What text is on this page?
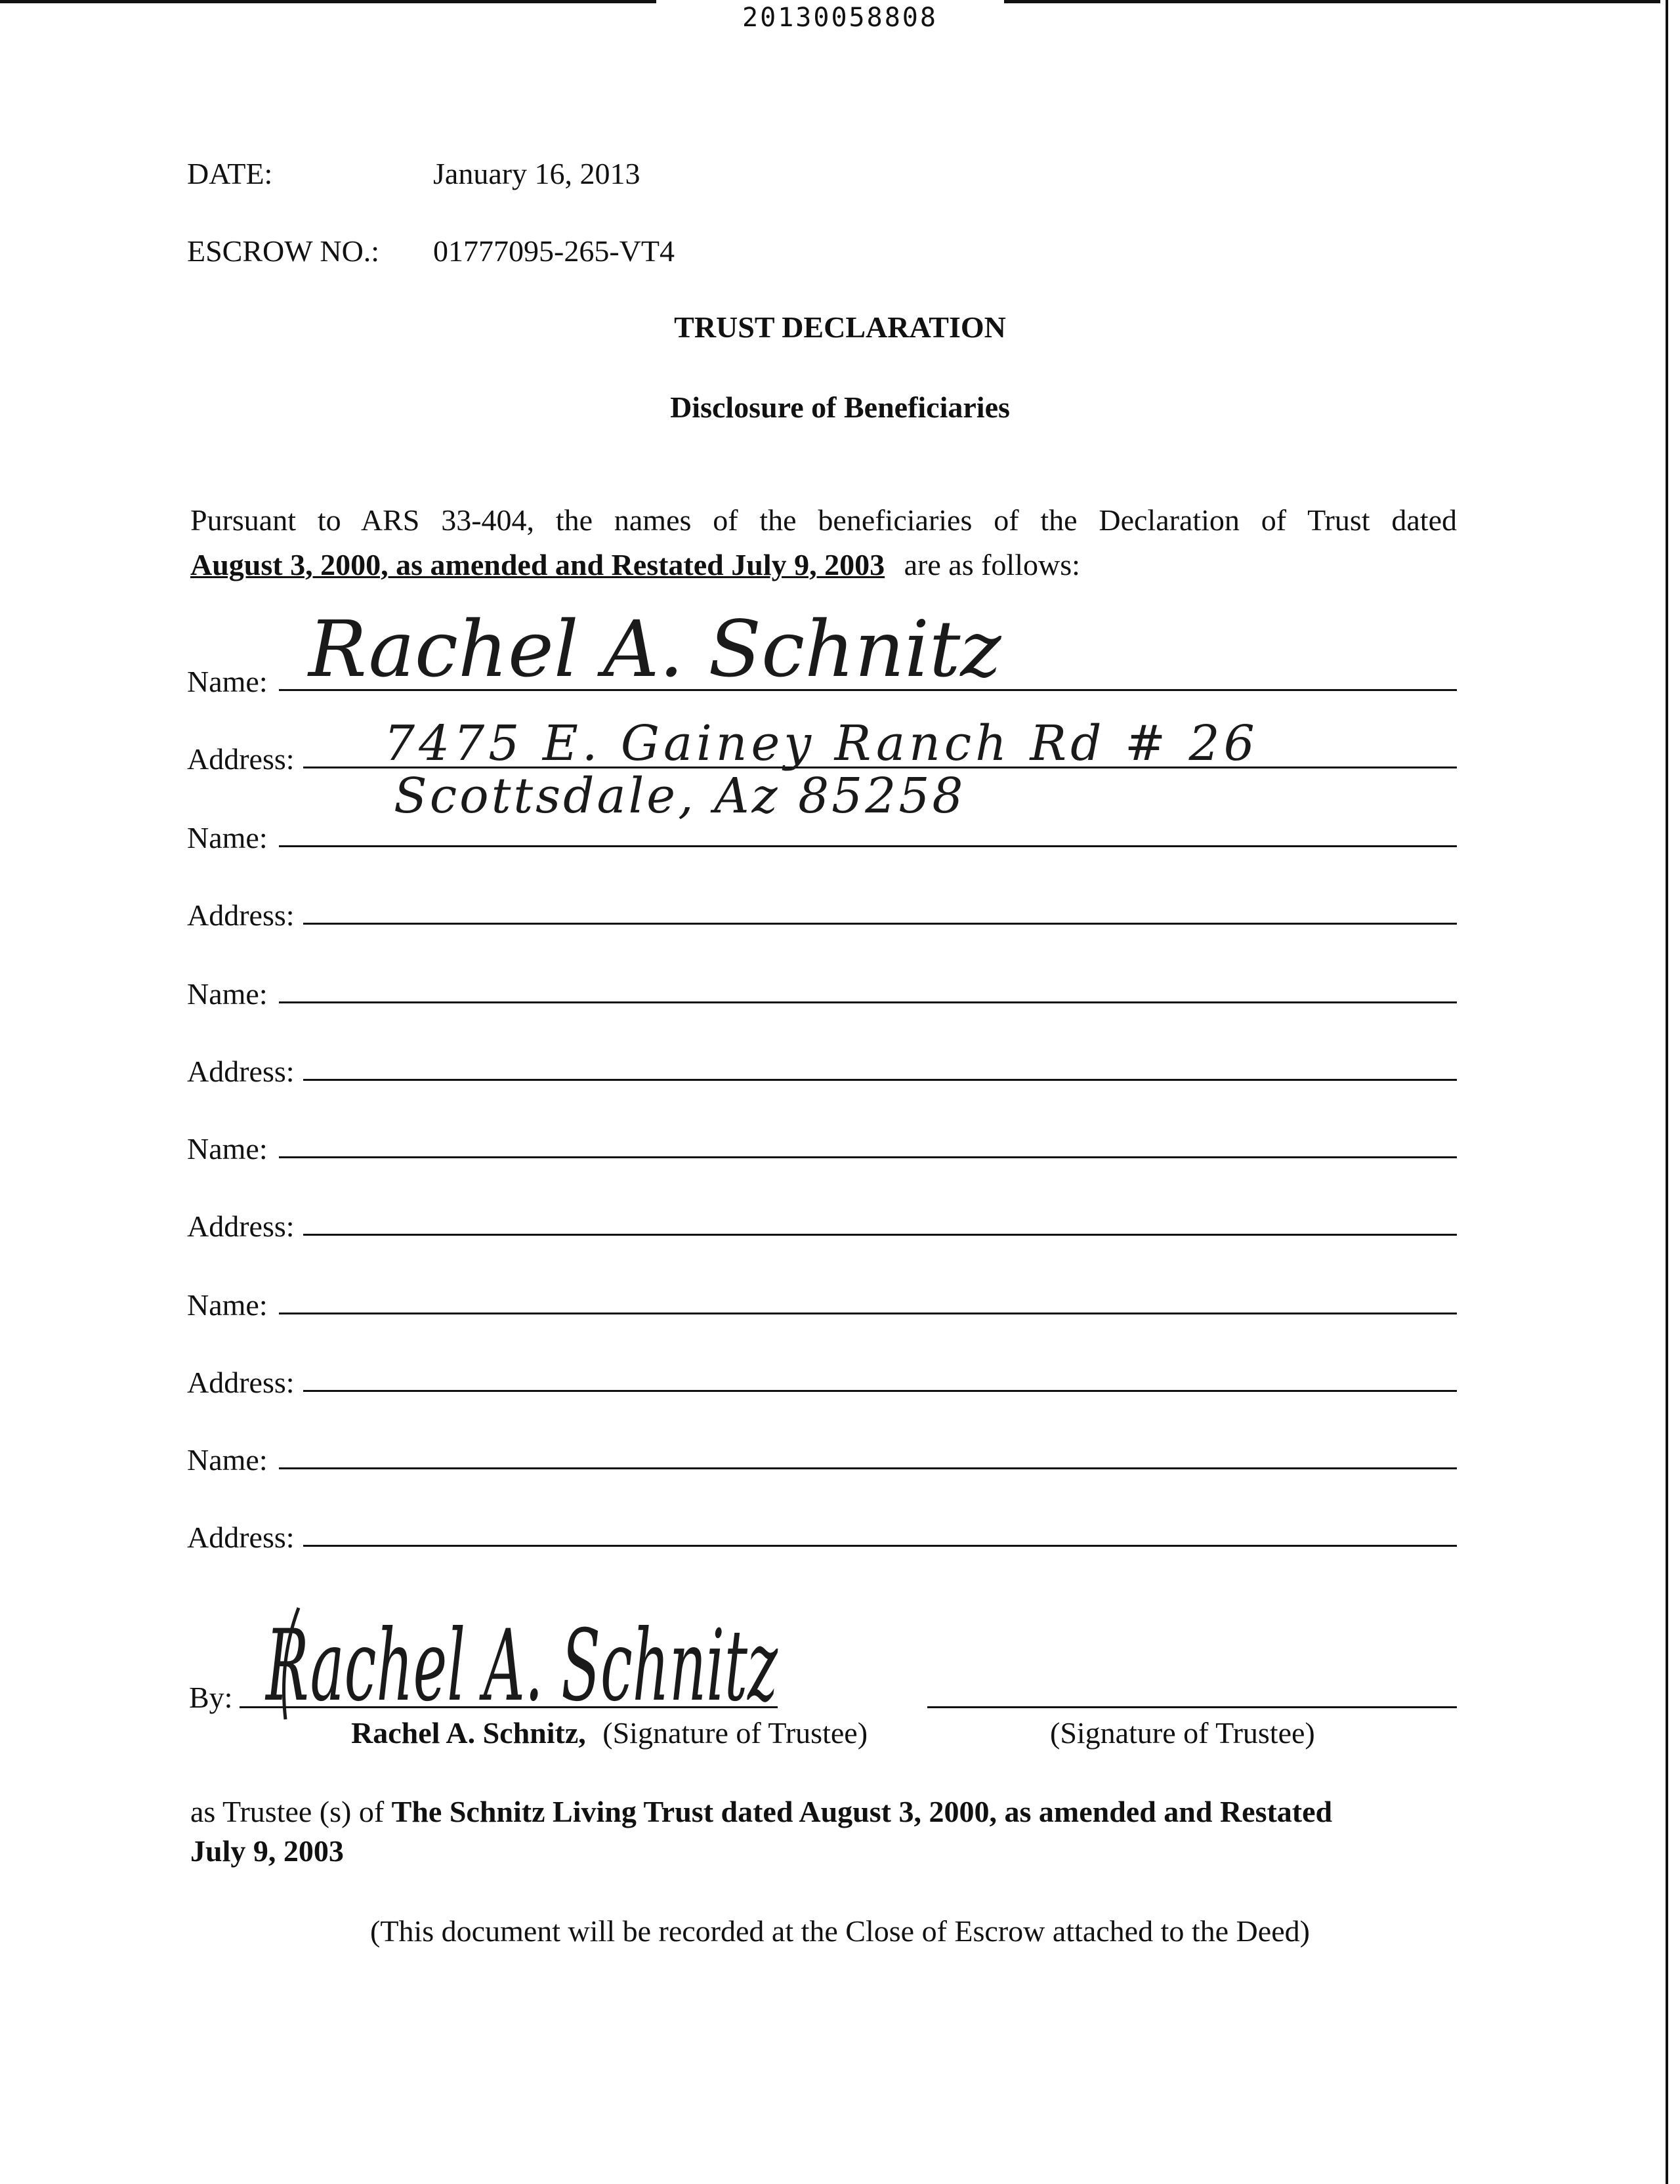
20130058808
DATE:	January 16, 2013
ESCROW NO.: 01777095-265-VT4
TRUST DECLARATION
Disclosure of Beneficiaries
Pursuant to ARS 33-404, the names of the beneficiaries of the Declaration of Trust dated
August 3, 2000, as amended and Restated July 9, 2003 are as follows:
Name: Rachel A. Schnitz
Address: 7475 E. Gainey Ranch Rd # 26
Scottsdale, Az 85258
Name:
Address:
Name:
Address:
Name:
Address:
Name:
Address:
Name:
Address:
By: Rachel A. Schnitz
Rachel A. Schnitz, (Signature of Trustee)	(Signature of Trustee)
as Trustee (s) of The Schnitz Living Trust dated August 3, 2000, as amended and Restated
July 9, 2003
(This document will be recorded at the Close of Escrow attached to the Deed)
